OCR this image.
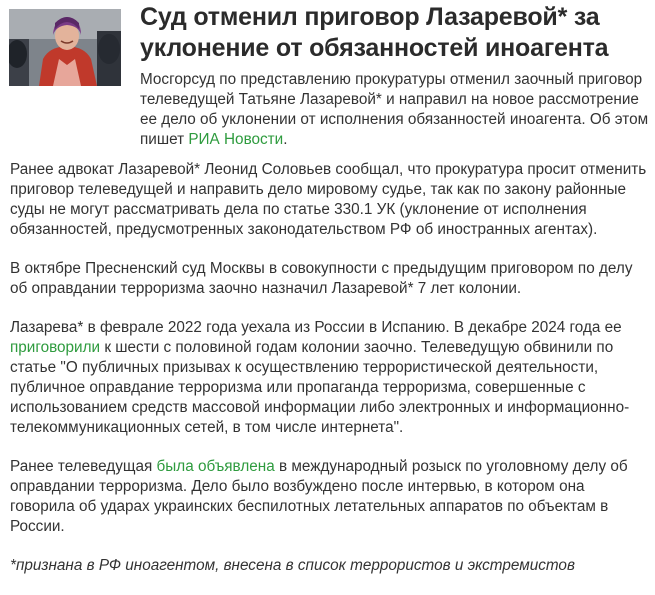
Суд отменил приговор Лазаревой* за уклонение от обязанностей иноагента

Мосгорсуд по представлению прокуратуры отменил заочный приговор телеведущей Татьяне Лазаревой* и направил на новое рассмотрение ее дело об уклонении от исполнения обязанностей иноагента. Об этом пишет РИА Новости.

Ранее адвокат Лазаревой* Леонид Соловьев сообщал, что прокуратура просит отменить приговор телеведущей и направить дело мировому судье, так как по закону районные суды не могут рассматривать дела по статье 330.1 УК (уклонение от исполнения обязанностей, предусмотренных законодательством РФ об иностранных агентах).

В октябре Пресненский суд Москвы в совокупности с предыдущим приговором по делу об оправдании терроризма заочно назначил Лазаревой* 7 лет колонии.

Лазарева* в феврале 2022 года уехала из России в Испанию. В декабре 2024 года ее приговорили к шести с половиной годам колонии заочно. Телеведущую обвинили по статье "О публичных призывах к осуществлению террористической деятельности, публичное оправдание терроризма или пропаганда терроризма, совершенные с использованием средств массовой информации либо электронных и информационно-телекоммуникационных сетей, в том числе интернета".

Ранее телеведущая была объявлена в международный розыск по уголовному делу об оправдании терроризма. Дело было возбуждено после интервью, в котором она говорила об ударах украинских беспилотных летательных аппаратов по объектам в России.

*признана в РФ иноагентом, внесена в список террористов и экстремистов
